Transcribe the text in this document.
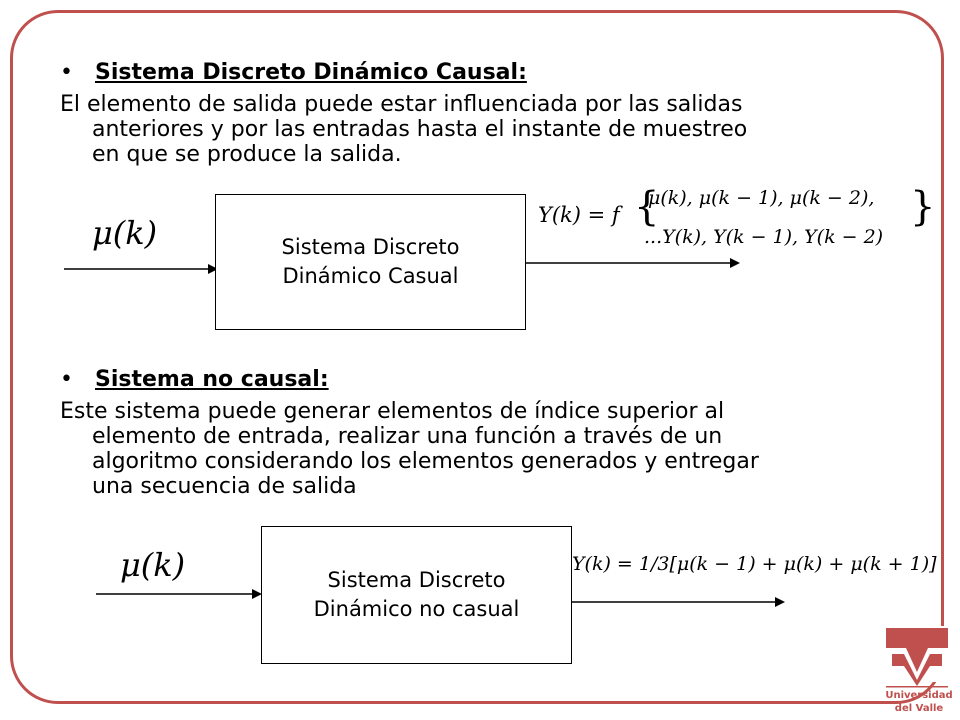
• Sistema Discreto Dinámico Causal:
El elemento de salida puede estar influenciada por las salidas
anteriores y por las entradas hasta el instante de muestreo
en que se produce la salida.
μ(k)	Sistema Discreto
Dinámico Casual
Y(k) = f {
μ(k), μ(k − 1), μ(k − 2),
...Y(k), Y(k − 1), Y(k − 2)
}
• Sistema no causal:
Este sistema puede generar elementos de índice superior al
elemento de entrada, realizar una función a través de un
algoritmo considerando los elementos generados y entregar
una secuencia de salida
μ(k)	Sistema Discreto
Dinámico no casual
Y(k) = 1/3[μ(k − 1) + μ(k) + μ(k + 1)]
Universidad
del Valle
